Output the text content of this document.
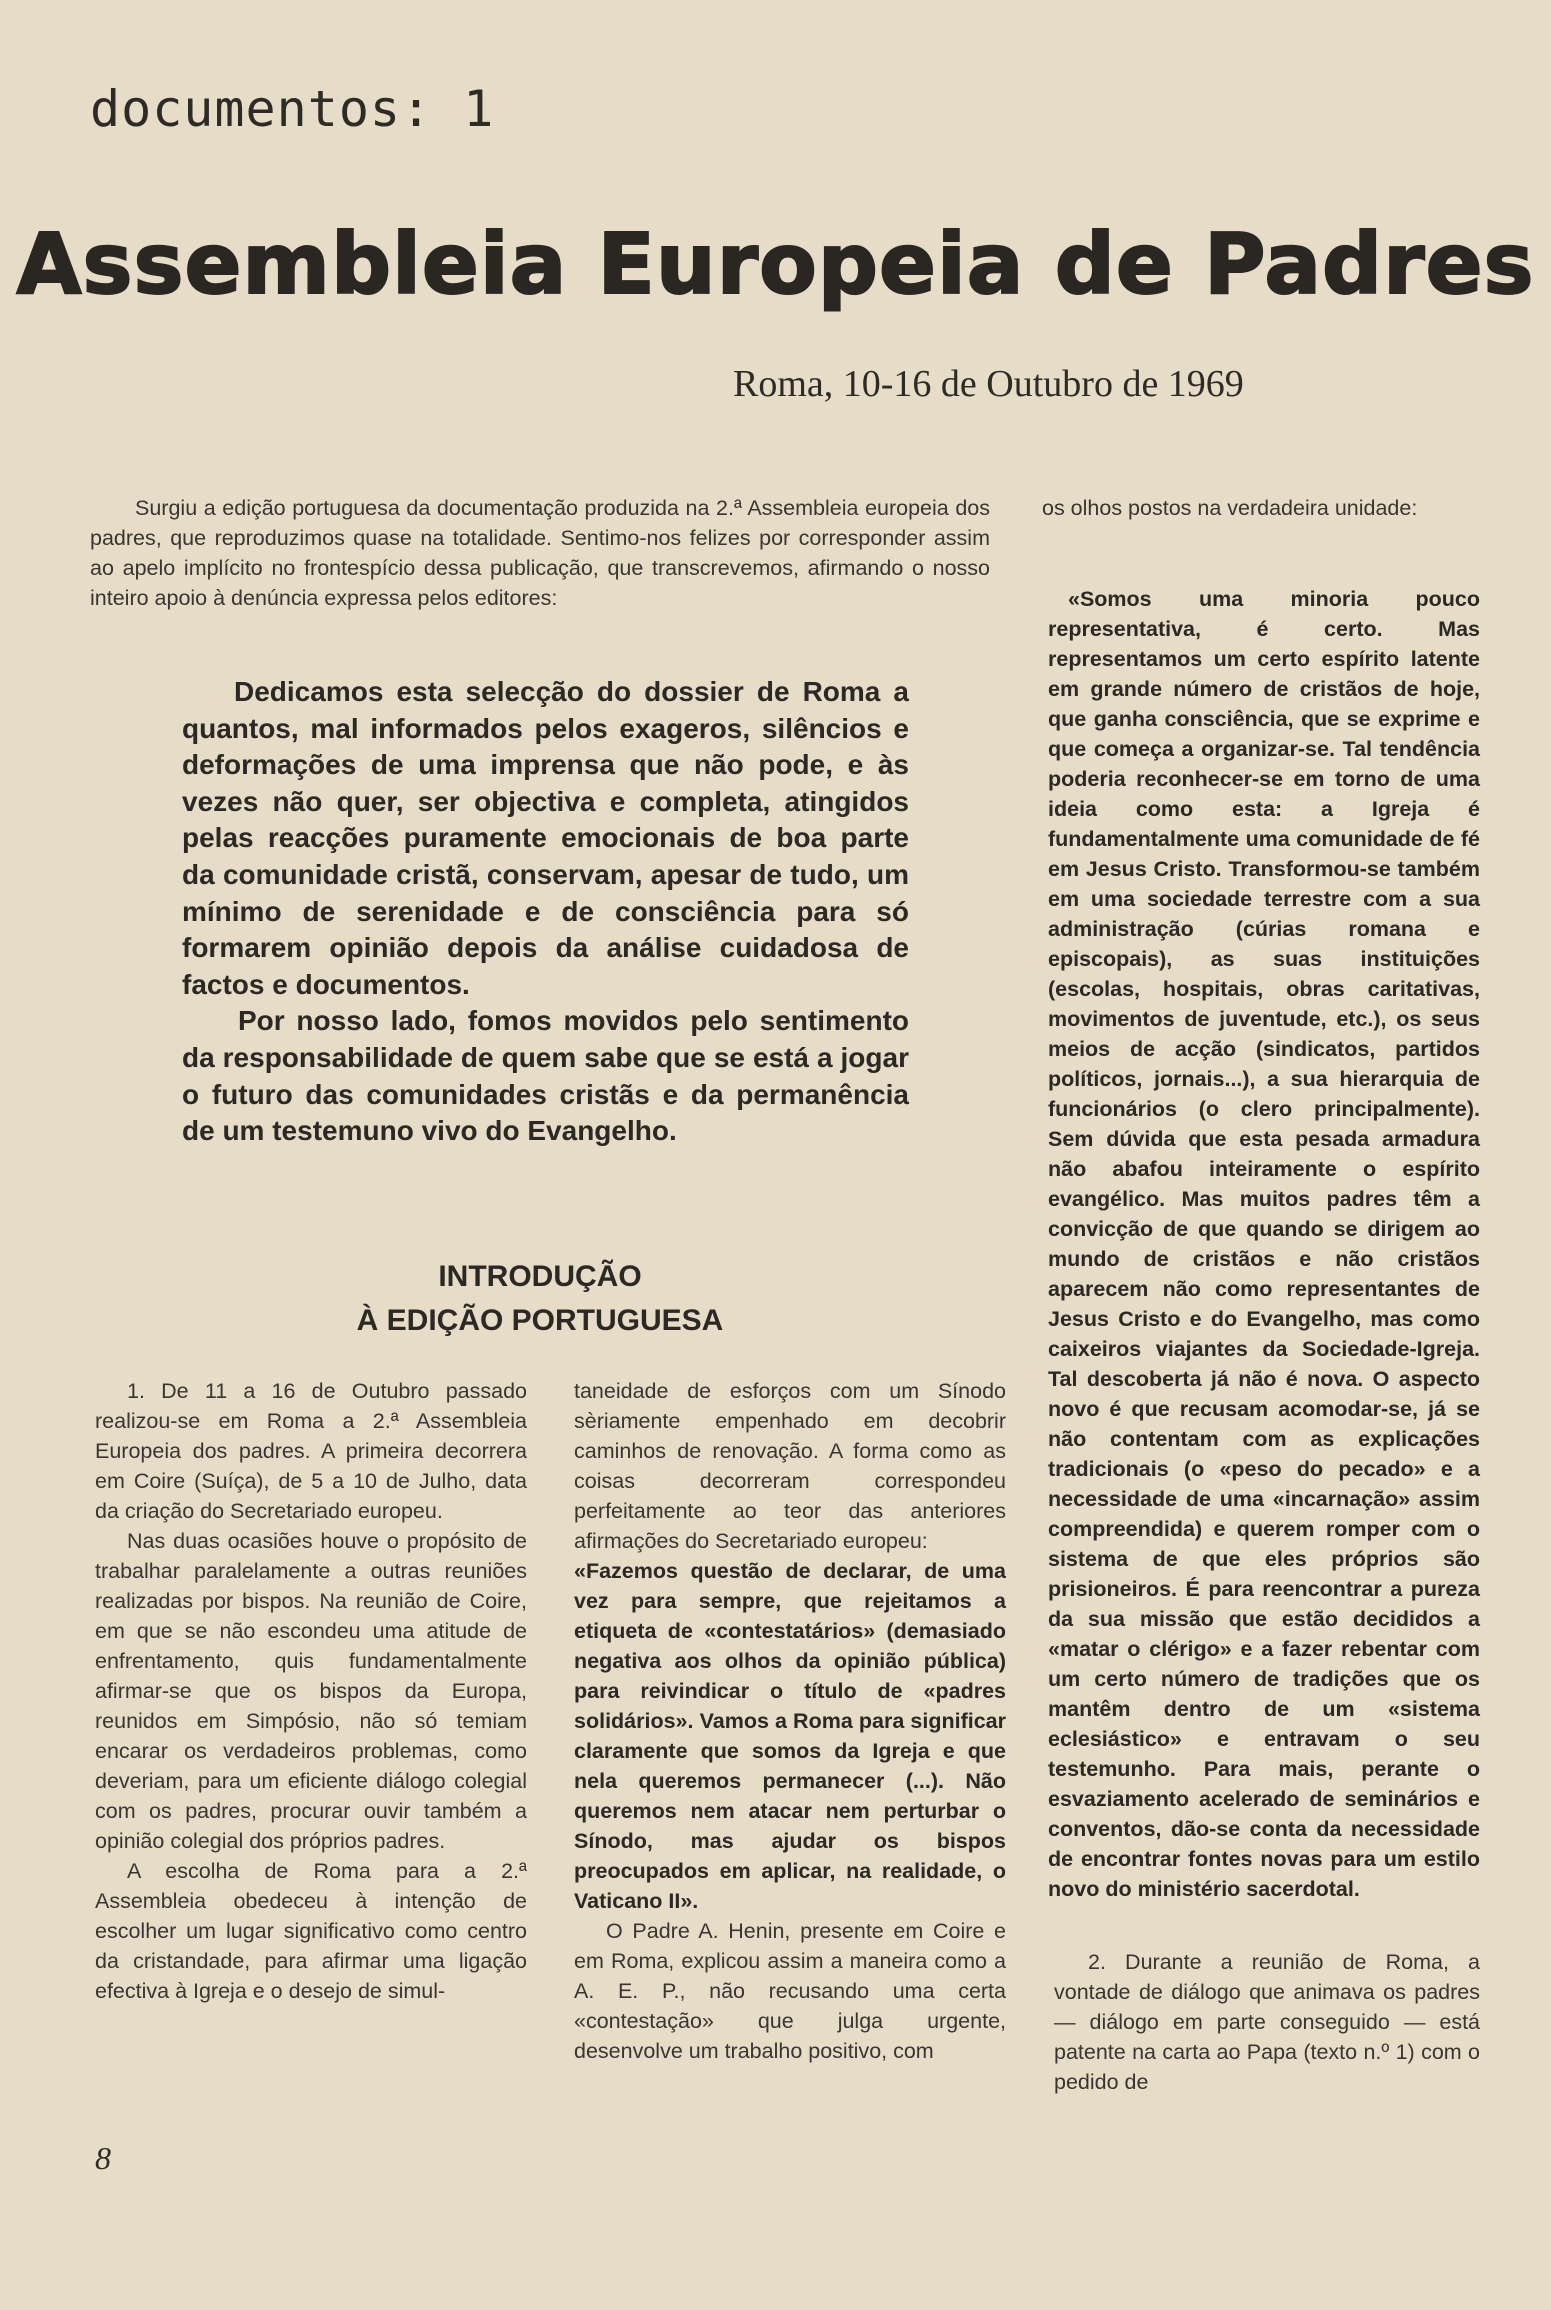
documentos: 1
Assembleia Europeia de Padres
Roma, 10-16 de Outubro de 1969

Surgiu a edição portuguesa da documentação produzida na 2.ª Assembleia europeia dos padres, que reproduzimos quase na totalidade. Sentimo-nos felizes por corresponder assim ao apelo implícito no frontespício dessa publicação, que transcrevemos, afirmando o nosso inteiro apoio à denúncia expressa pelos editores:

Dedicamos esta selecção do dossier de Roma a quantos, mal informados pelos exageros, silêncios e deformações de uma imprensa que não pode, e às vezes não quer, ser objectiva e completa, atingidos pelas reacções puramente emocionais de boa parte da comunidade cristã, conservam, apesar de tudo, um mínimo de serenidade e de consciência para só formarem opinião depois da análise cuidadosa de factos e documentos.

Por nosso lado, fomos movidos pelo sentimento da responsabilidade de quem sabe que se está a jogar o futuro das comunidades cristãs e da permanência de um testemuno vivo do Evangelho.

INTRODUÇÃO
À EDIÇÃO PORTUGUESA

1. De 11 a 16 de Outubro passado realizou-se em Roma a 2.ª Assembleia Europeia dos padres. A primeira decorrera em Coire (Suíça), de 5 a 10 de Julho, data da criação do Secretariado europeu.

Nas duas ocasiões houve o propósito de trabalhar paralelamente a outras reuniões realizadas por bispos. Na reunião de Coire, em que se não escondeu uma atitude de enfrentamento, quis fundamentalmente afirmar-se que os bispos da Europa, reunidos em Simpósio, não só temiam encarar os verdadeiros problemas, como deveriam, para um eficiente diálogo colegial com os padres, procurar ouvir também a opinião colegial dos próprios padres.

A escolha de Roma para a 2.ª Assembleia obedeceu à intenção de escolher um lugar significativo como centro da cristandade, para afirmar uma ligação efectiva à Igreja e o desejo de simul-

taneidade de esforços com um Sínodo sèriamente empenhado em decobrir caminhos de renovação. A forma como as coisas decorreram correspondeu perfeitamente ao teor das anteriores afirmações do Secretariado europeu:

«Fazemos questão de declarar, de uma vez para sempre, que rejeitamos a etiqueta de «contestatários» (demasiado negativa aos olhos da opinião pública) para reivindicar o título de «padres solidários». Vamos a Roma para significar claramente que somos da Igreja e que nela queremos permanecer (...). Não queremos nem atacar nem perturbar o Sínodo, mas ajudar os bispos preocupados em aplicar, na realidade, o Vaticano II».

O Padre A. Henin, presente em Coire e em Roma, explicou assim a maneira como a A. E. P., não recusando uma certa «contestação» que julga urgente, desenvolve um trabalho positivo, com

os olhos postos na verdadeira unidade:

«Somos uma minoria pouco representativa, é certo. Mas representamos um certo espírito latente em grande número de cristãos de hoje, que ganha consciência, que se exprime e que começa a organizar-se. Tal tendência poderia reconhecer-se em torno de uma ideia como esta: a Igreja é fundamentalmente uma comunidade de fé em Jesus Cristo. Transformou-se também em uma sociedade terrestre com a sua administração (cúrias romana e episcopais), as suas instituições (escolas, hospitais, obras caritativas, movimentos de juventude, etc.), os seus meios de acção (sindicatos, partidos políticos, jornais...), a sua hierarquia de funcionários (o clero principalmente). Sem dúvida que esta pesada armadura não abafou inteiramente o espírito evangélico. Mas muitos padres têm a convicção de que quando se dirigem ao mundo de cristãos e não cristãos aparecem não como representantes de Jesus Cristo e do Evangelho, mas como caixeiros viajantes da Sociedade-Igreja. Tal descoberta já não é nova. O aspecto novo é que recusam acomodar-se, já se não contentam com as explicações tradicionais (o «peso do pecado» e a necessidade de uma «incarnação» assim compreendida) e querem romper com o sistema de que eles próprios são prisioneiros. É para reencontrar a pureza da sua missão que estão decididos a «matar o clérigo» e a fazer rebentar com um certo número de tradições que os mantêm dentro de um «sistema eclesiástico» e entravam o seu testemunho. Para mais, perante o esvaziamento acelerado de seminários e conventos, dão-se conta da necessidade de encontrar fontes novas para um estilo novo do ministério sacerdotal.

2. Durante a reunião de Roma, a vontade de diálogo que animava os padres — diálogo em parte conseguido — está patente na carta ao Papa (texto n.º 1) com o pedido de

8
